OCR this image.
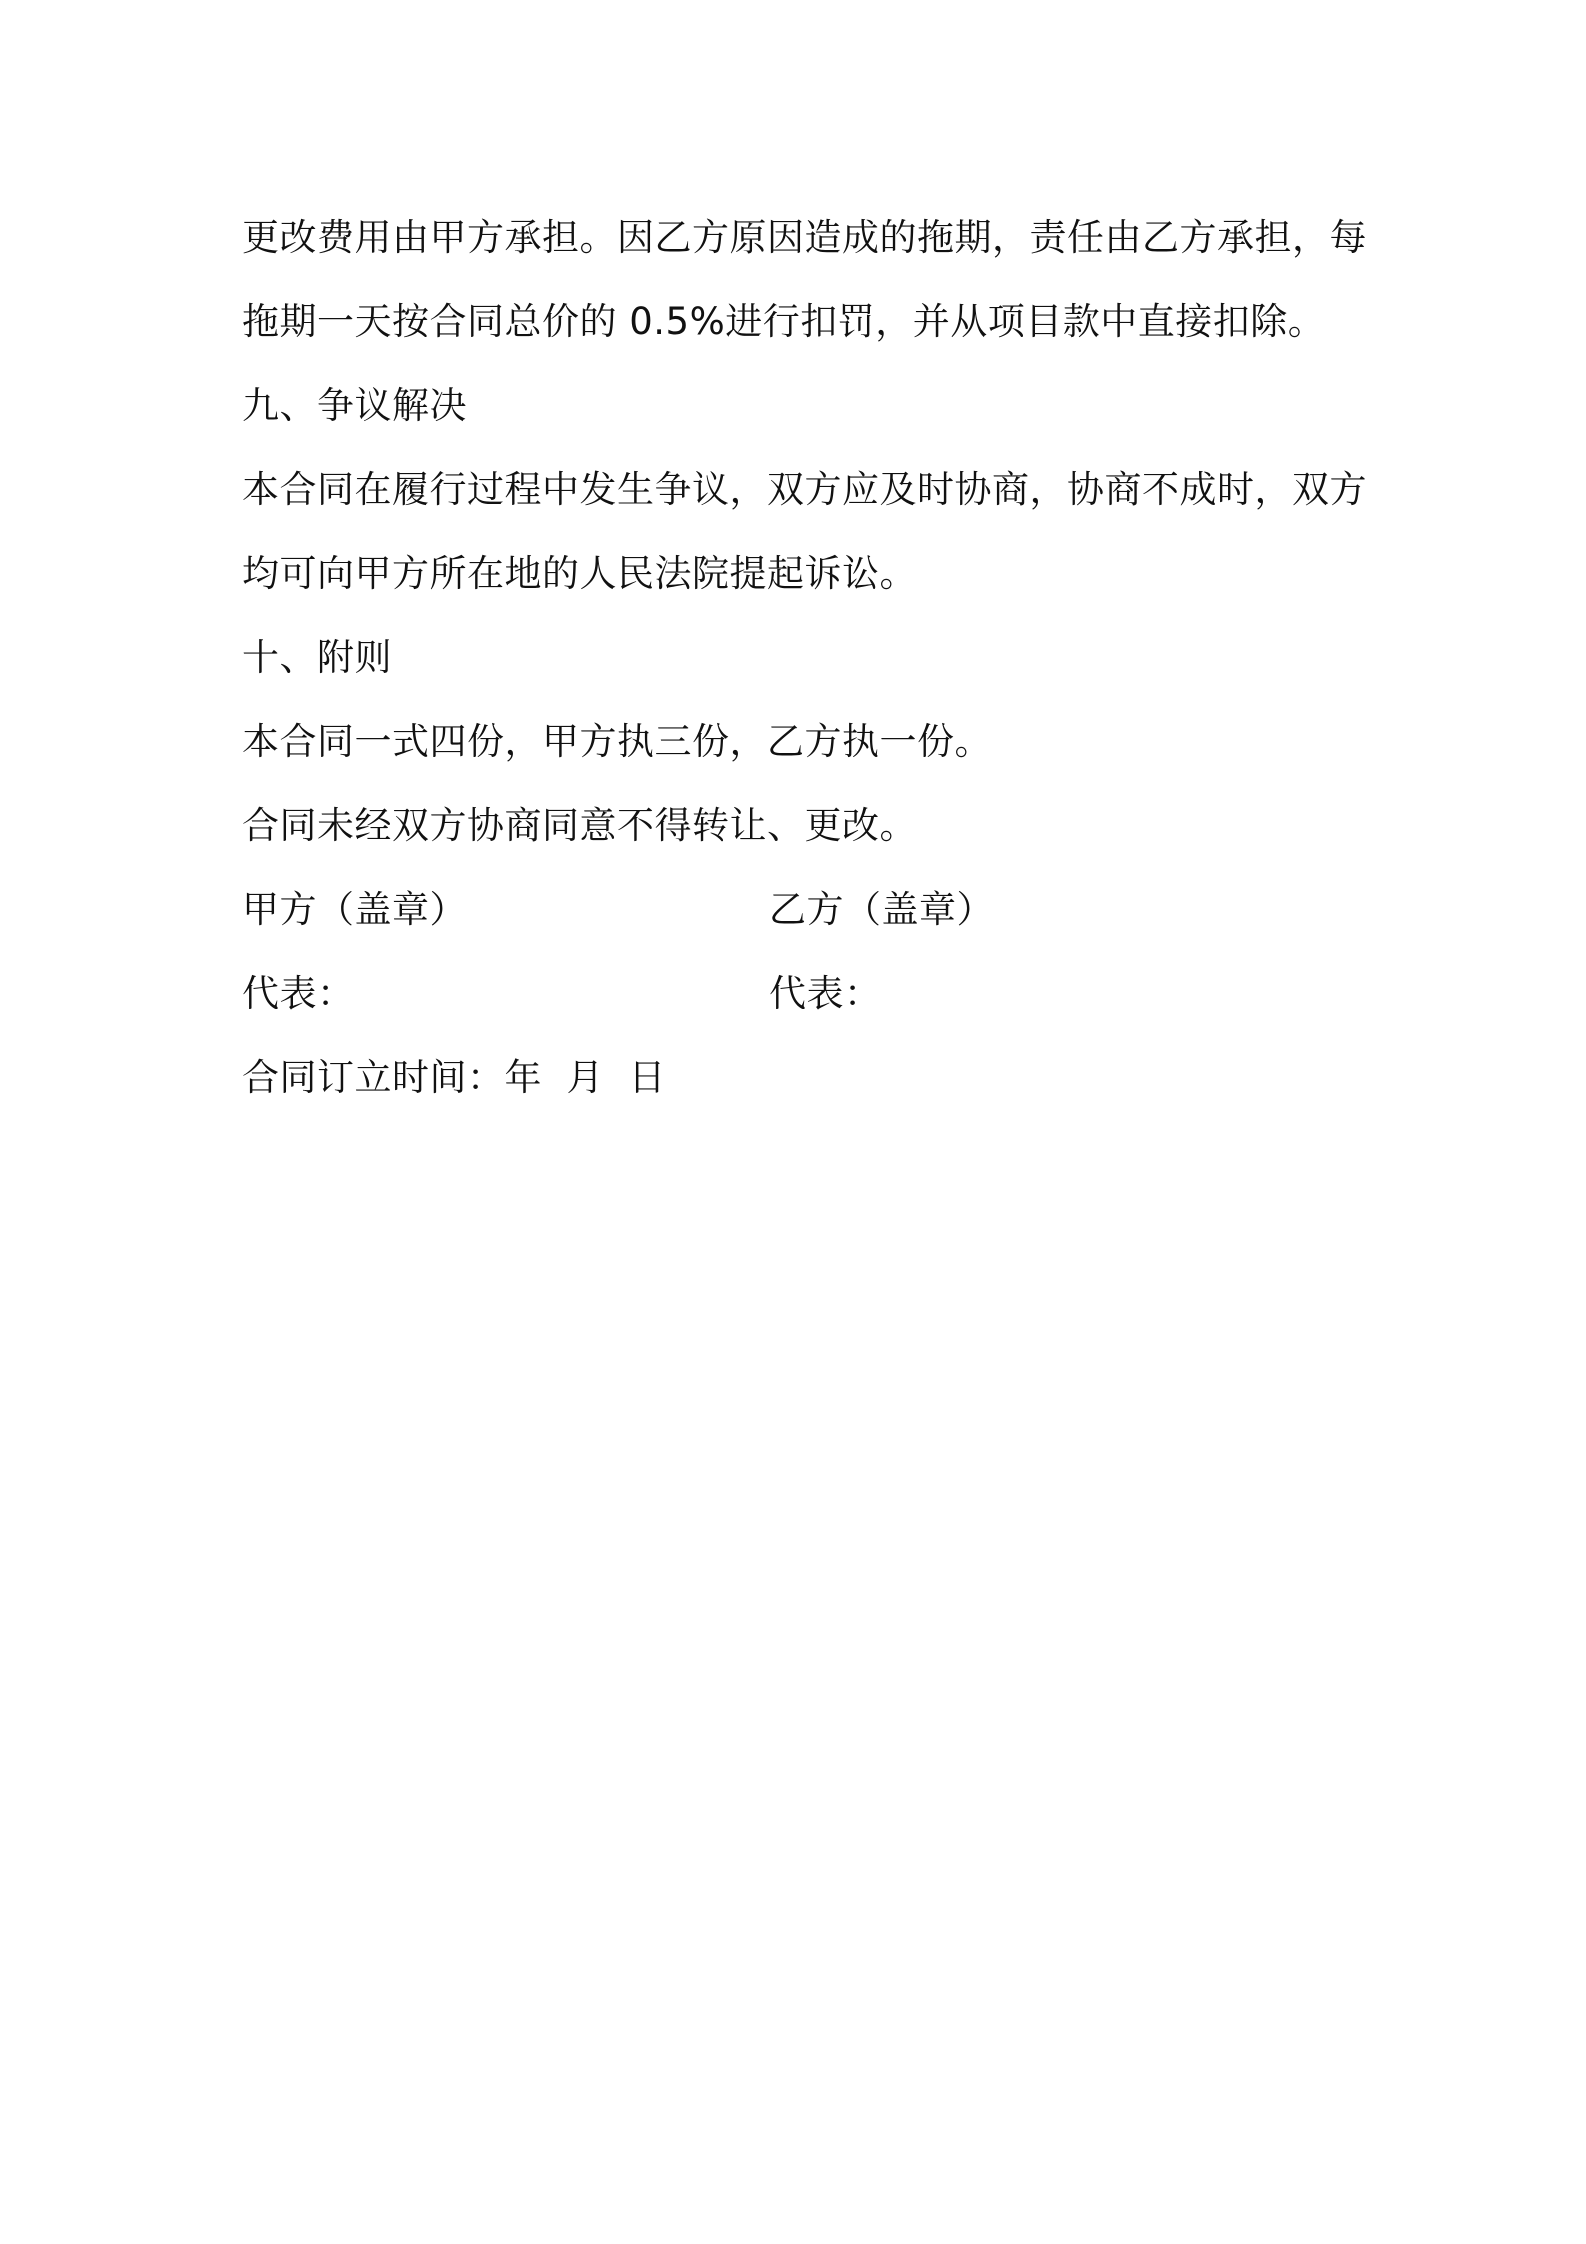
更改费用由甲方承担。因乙方原因造成的拖期，责任由乙方承担，每
拖期一天按合同总价的 0.5%进行扣罚，并从项目款中直接扣除。
九、争议解决
本合同在履行过程中发生争议，双方应及时协商，协商不成时，双方
均可向甲方所在地的人民法院提起诉讼。
十、附则
本合同一式四份，甲方执三份，乙方执一份。
合同未经双方协商同意不得转让、更改。
甲方（盖章）	乙方（盖章）
代表：	代表：
合同订立时间：年  月  日
